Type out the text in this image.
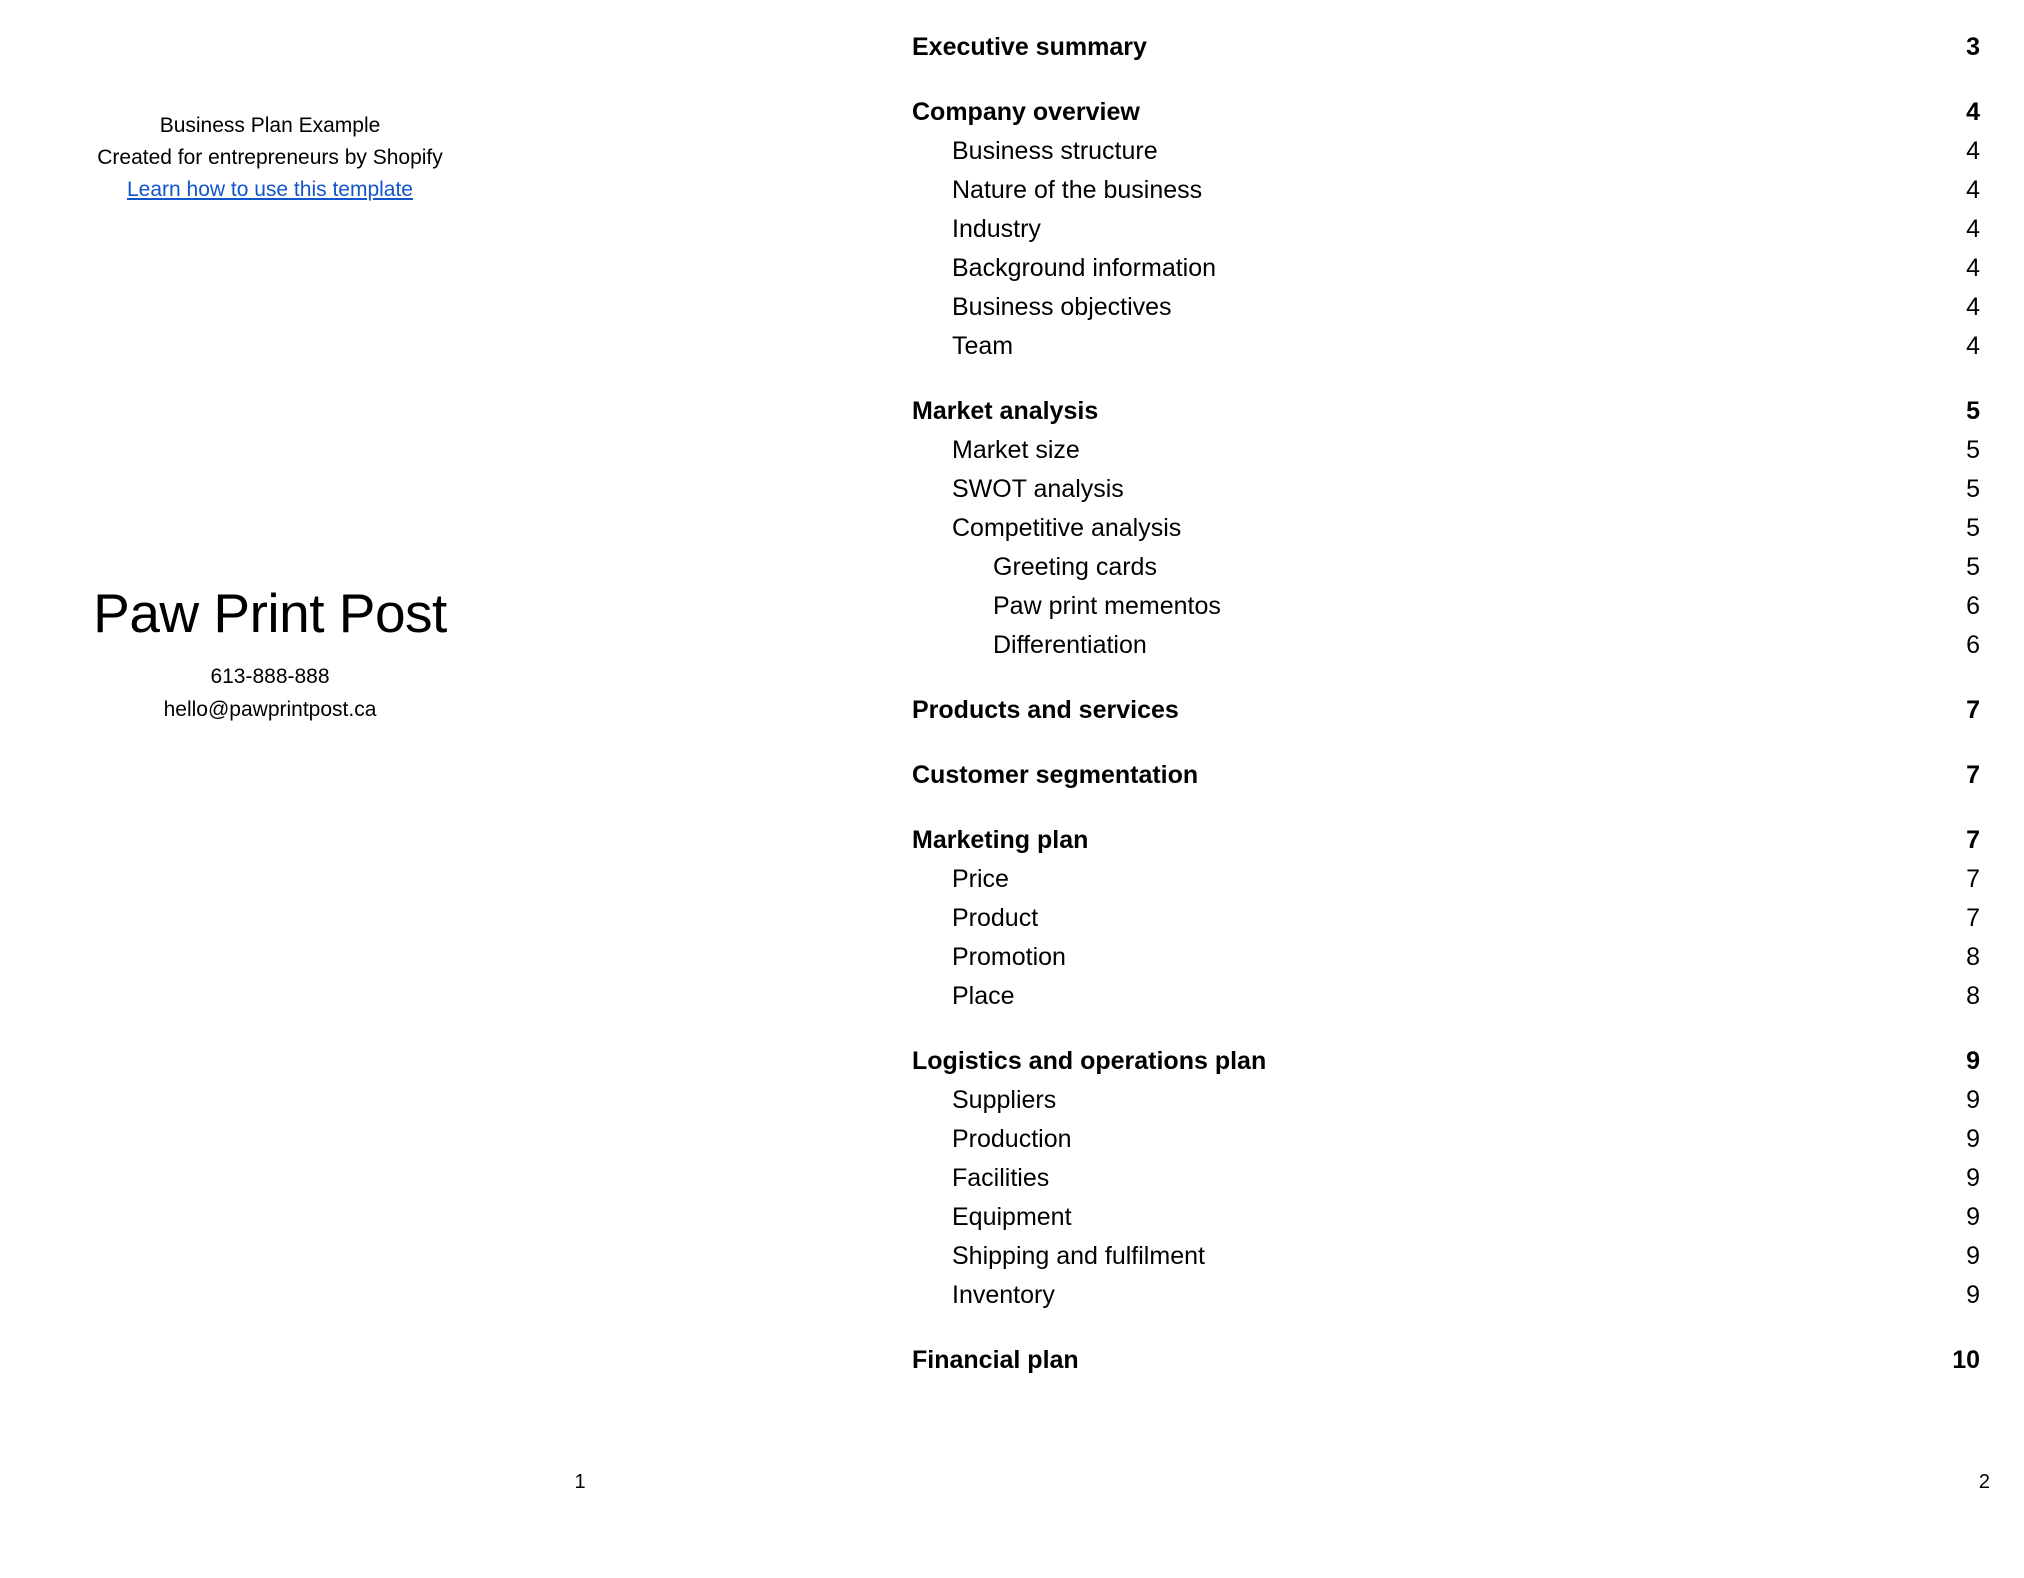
Business Plan Example
Created for entrepreneurs by Shopify
Learn how to use this template
Paw Print Post
613-888-888
hello@pawprintpost.ca
1
Executive summary	3
Company overview	4
Business structure	4
Nature of the business	4
Industry	4
Background information	4
Business objectives	4
Team	4
Market analysis	5
Market size	5
SWOT analysis	5
Competitive analysis	5
Greeting cards	5
Paw print mementos	6
Differentiation	6
Products and services	7
Customer segmentation	7
Marketing plan	7
Price	7
Product	7
Promotion	8
Place	8
Logistics and operations plan	9
Suppliers	9
Production	9
Facilities	9
Equipment	9
Shipping and fulfilment	9
Inventory	9
Financial plan	10
2
